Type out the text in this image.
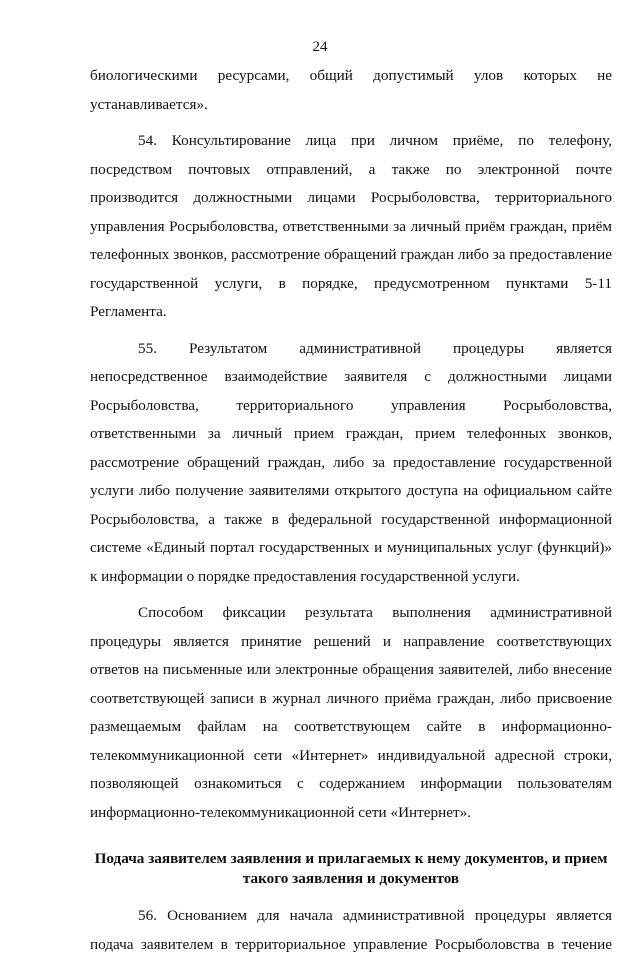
24

биологическими ресурсами, общий допустимый улов которых не устанавливается».

54. Консультирование лица при личном приёме, по телефону, посредством почтовых отправлений, а также по электронной почте производится должностными лицами Росрыболовства, территориального управления Росрыболовства, ответственными за личный приём граждан, приём телефонных звонков, рассмотрение обращений граждан либо за предоставление государственной услуги, в порядке, предусмотренном пунктами 5-11 Регламента.

55. Результатом административной процедуры является непосредственное взаимодействие заявителя с должностными лицами Росрыболовства, территориального управления Росрыболовства, ответственными за личный прием граждан, прием телефонных звонков, рассмотрение обращений граждан, либо за предоставление государственной услуги либо получение заявителями открытого доступа на официальном сайте Росрыболовства, а также в федеральной государственной информационной системе «Единый портал государственных и муниципальных услуг (функций)» к информации о порядке предоставления государственной услуги.

Способом фиксации результата выполнения административной процедуры является принятие решений и направление соответствующих ответов на письменные или электронные обращения заявителей, либо внесение соответствующей записи в журнал личного приёма граждан, либо присвоение размещаемым файлам на соответствующем сайте в информационно-телекоммуникационной сети «Интернет» индивидуальной адресной строки, позволяющей ознакомиться с содержанием информации пользователям информационно-телекоммуникационной сети «Интернет».

Подача заявителем заявления и прилагаемых к нему документов, и прием
такого заявления и документов

56. Основанием для начала административной процедуры является подача заявителем в территориальное управление Росрыболовства в течение
